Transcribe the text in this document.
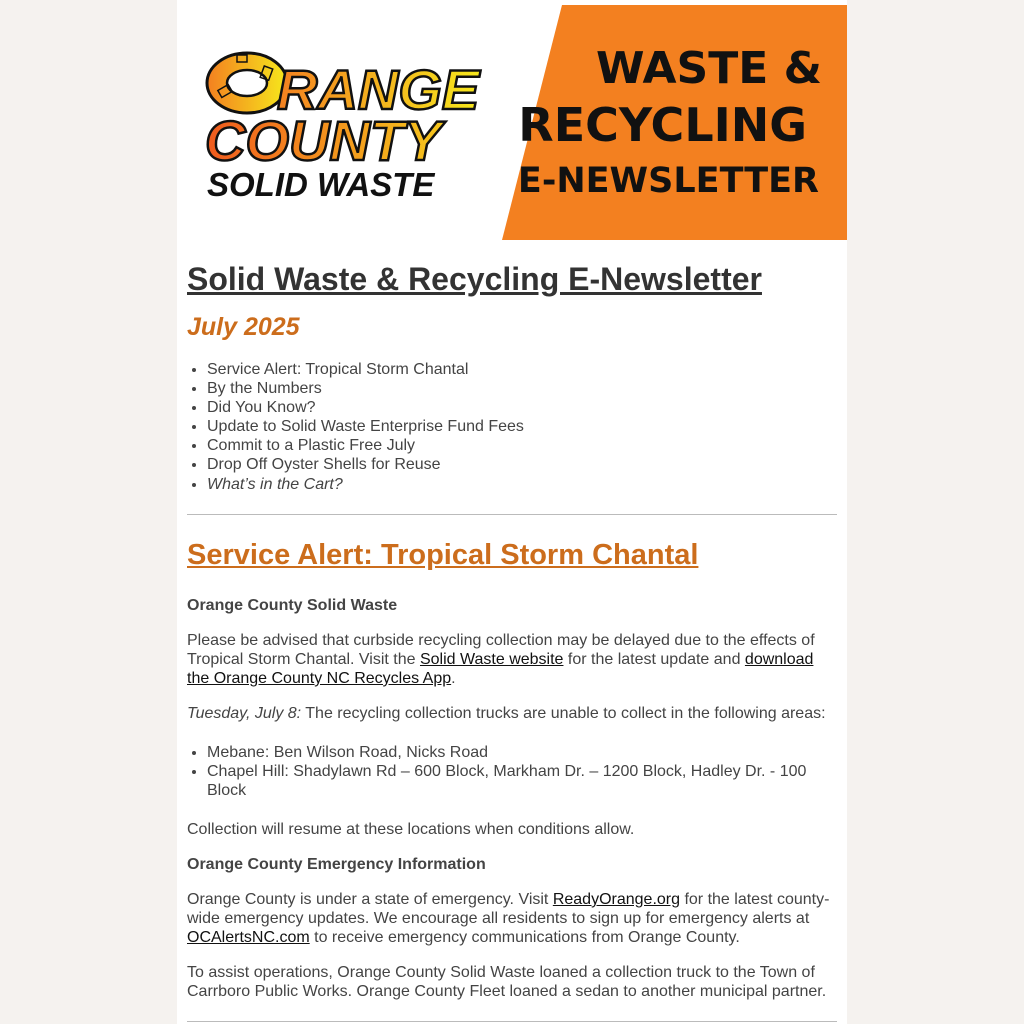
RANGE
COUNTY
SOLID WASTE
WASTE &
RECYCLING
E-NEWSLETTER
Solid Waste & Recycling E-Newsletter
July 2025
• Service Alert: Tropical Storm Chantal
• By the Numbers
• Did You Know?
• Update to Solid Waste Enterprise Fund Fees
• Commit to a Plastic Free July
• Drop Off Oyster Shells for Reuse
• What’s in the Cart?
Service Alert: Tropical Storm Chantal
Orange County Solid Waste

Please be advised that curbside recycling collection may be delayed due to the effects of Tropical Storm Chantal. Visit the Solid Waste website for the latest update and download the Orange County NC Recycles App.

Tuesday, July 8: The recycling collection trucks are unable to collect in the following areas:

• Mebane: Ben Wilson Road, Nicks Road
• Chapel Hill: Shadylawn Rd – 600 Block, Markham Dr. – 1200 Block, Hadley Dr. - 100 Block

Collection will resume at these locations when conditions allow.

Orange County Emergency Information

Orange County is under a state of emergency. Visit ReadyOrange.org for the latest county-wide emergency updates. We encourage all residents to sign up for emergency alerts at OCAlertsNC.com to receive emergency communications from Orange County.

To assist operations, Orange County Solid Waste loaned a collection truck to the Town of Carrboro Public Works. Orange County Fleet loaned a sedan to another municipal partner.
